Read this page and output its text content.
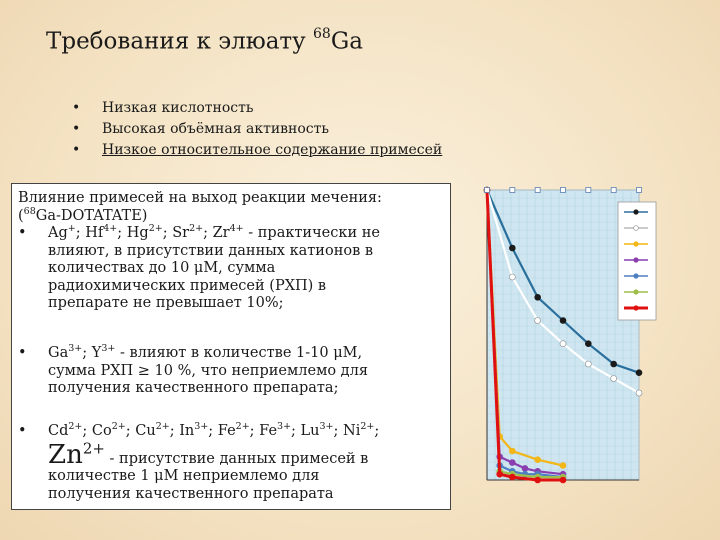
Требования к элюату $^{68}$Ga
• Низкая кислотность
• Высокая объёмная активность
• Низкое относительное содержание примесей
Влияние примесей на выход реакции мечения:
($^{68}$Ga-DOTATATE)
• Ag+; $Hf^{4+}$; $Hg^{2+}$; $Sr^{2+}$; $Zr^{4+}$ - практически не
влияют, в присутствии данных катионов в
количествах до 10 μM, сумма
радиохимических примесей (РХП) в
препарате не превышает 10%;
• $Ga^{3+}$; $Y^{3+}$ - влияют в количестве 1-10 μM,
сумма РХП ≥ 10 %, что неприемлемо для
получения качественного препарата;
• $Cd^{2+}$; $Co^{2+}$; $Cu^{2+}$; $In^{3+}$; $Fe^{2+}$; $Fe^{3+}$; $Lu^{3+}$; $Ni^{2+}$;
$Zn^{2+}$ - присутствие данных примесей в
количестве 1 μM неприемлемо для
получения качественного препарата
